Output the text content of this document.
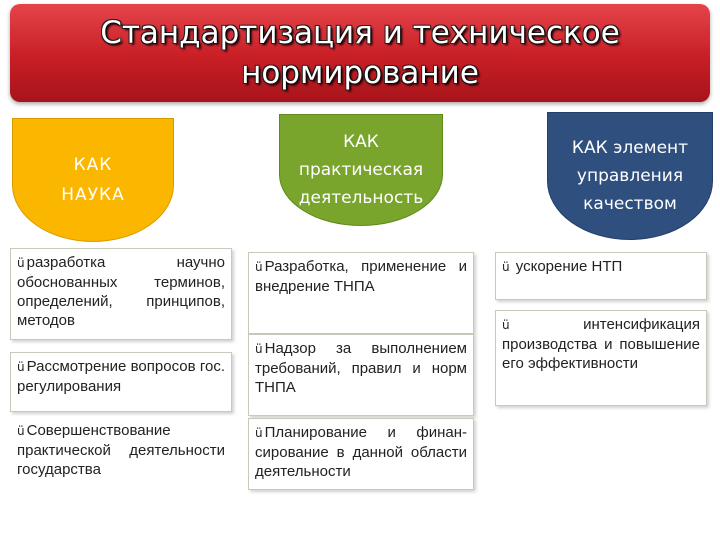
Стандартизация и техническое
нормирование
КАК
НАУКА
КАК
практическая
деятельность
КАК элемент
управления
качеством

ü разработка научно обоснованных терминов, определений, принципов, методов

ü Рассмотрение вопросов гос. регулирования

ü Совершенствование практической деятельности государства

ü Разработка, применение и внедрение ТНПА

ü Надзор за выполнением требований, правил и норм ТНПА

ü Планирование и финан-сирование в данной области деятельности

ü ускорение НТП

ü	интенсификация производства и повышение его эффективности
